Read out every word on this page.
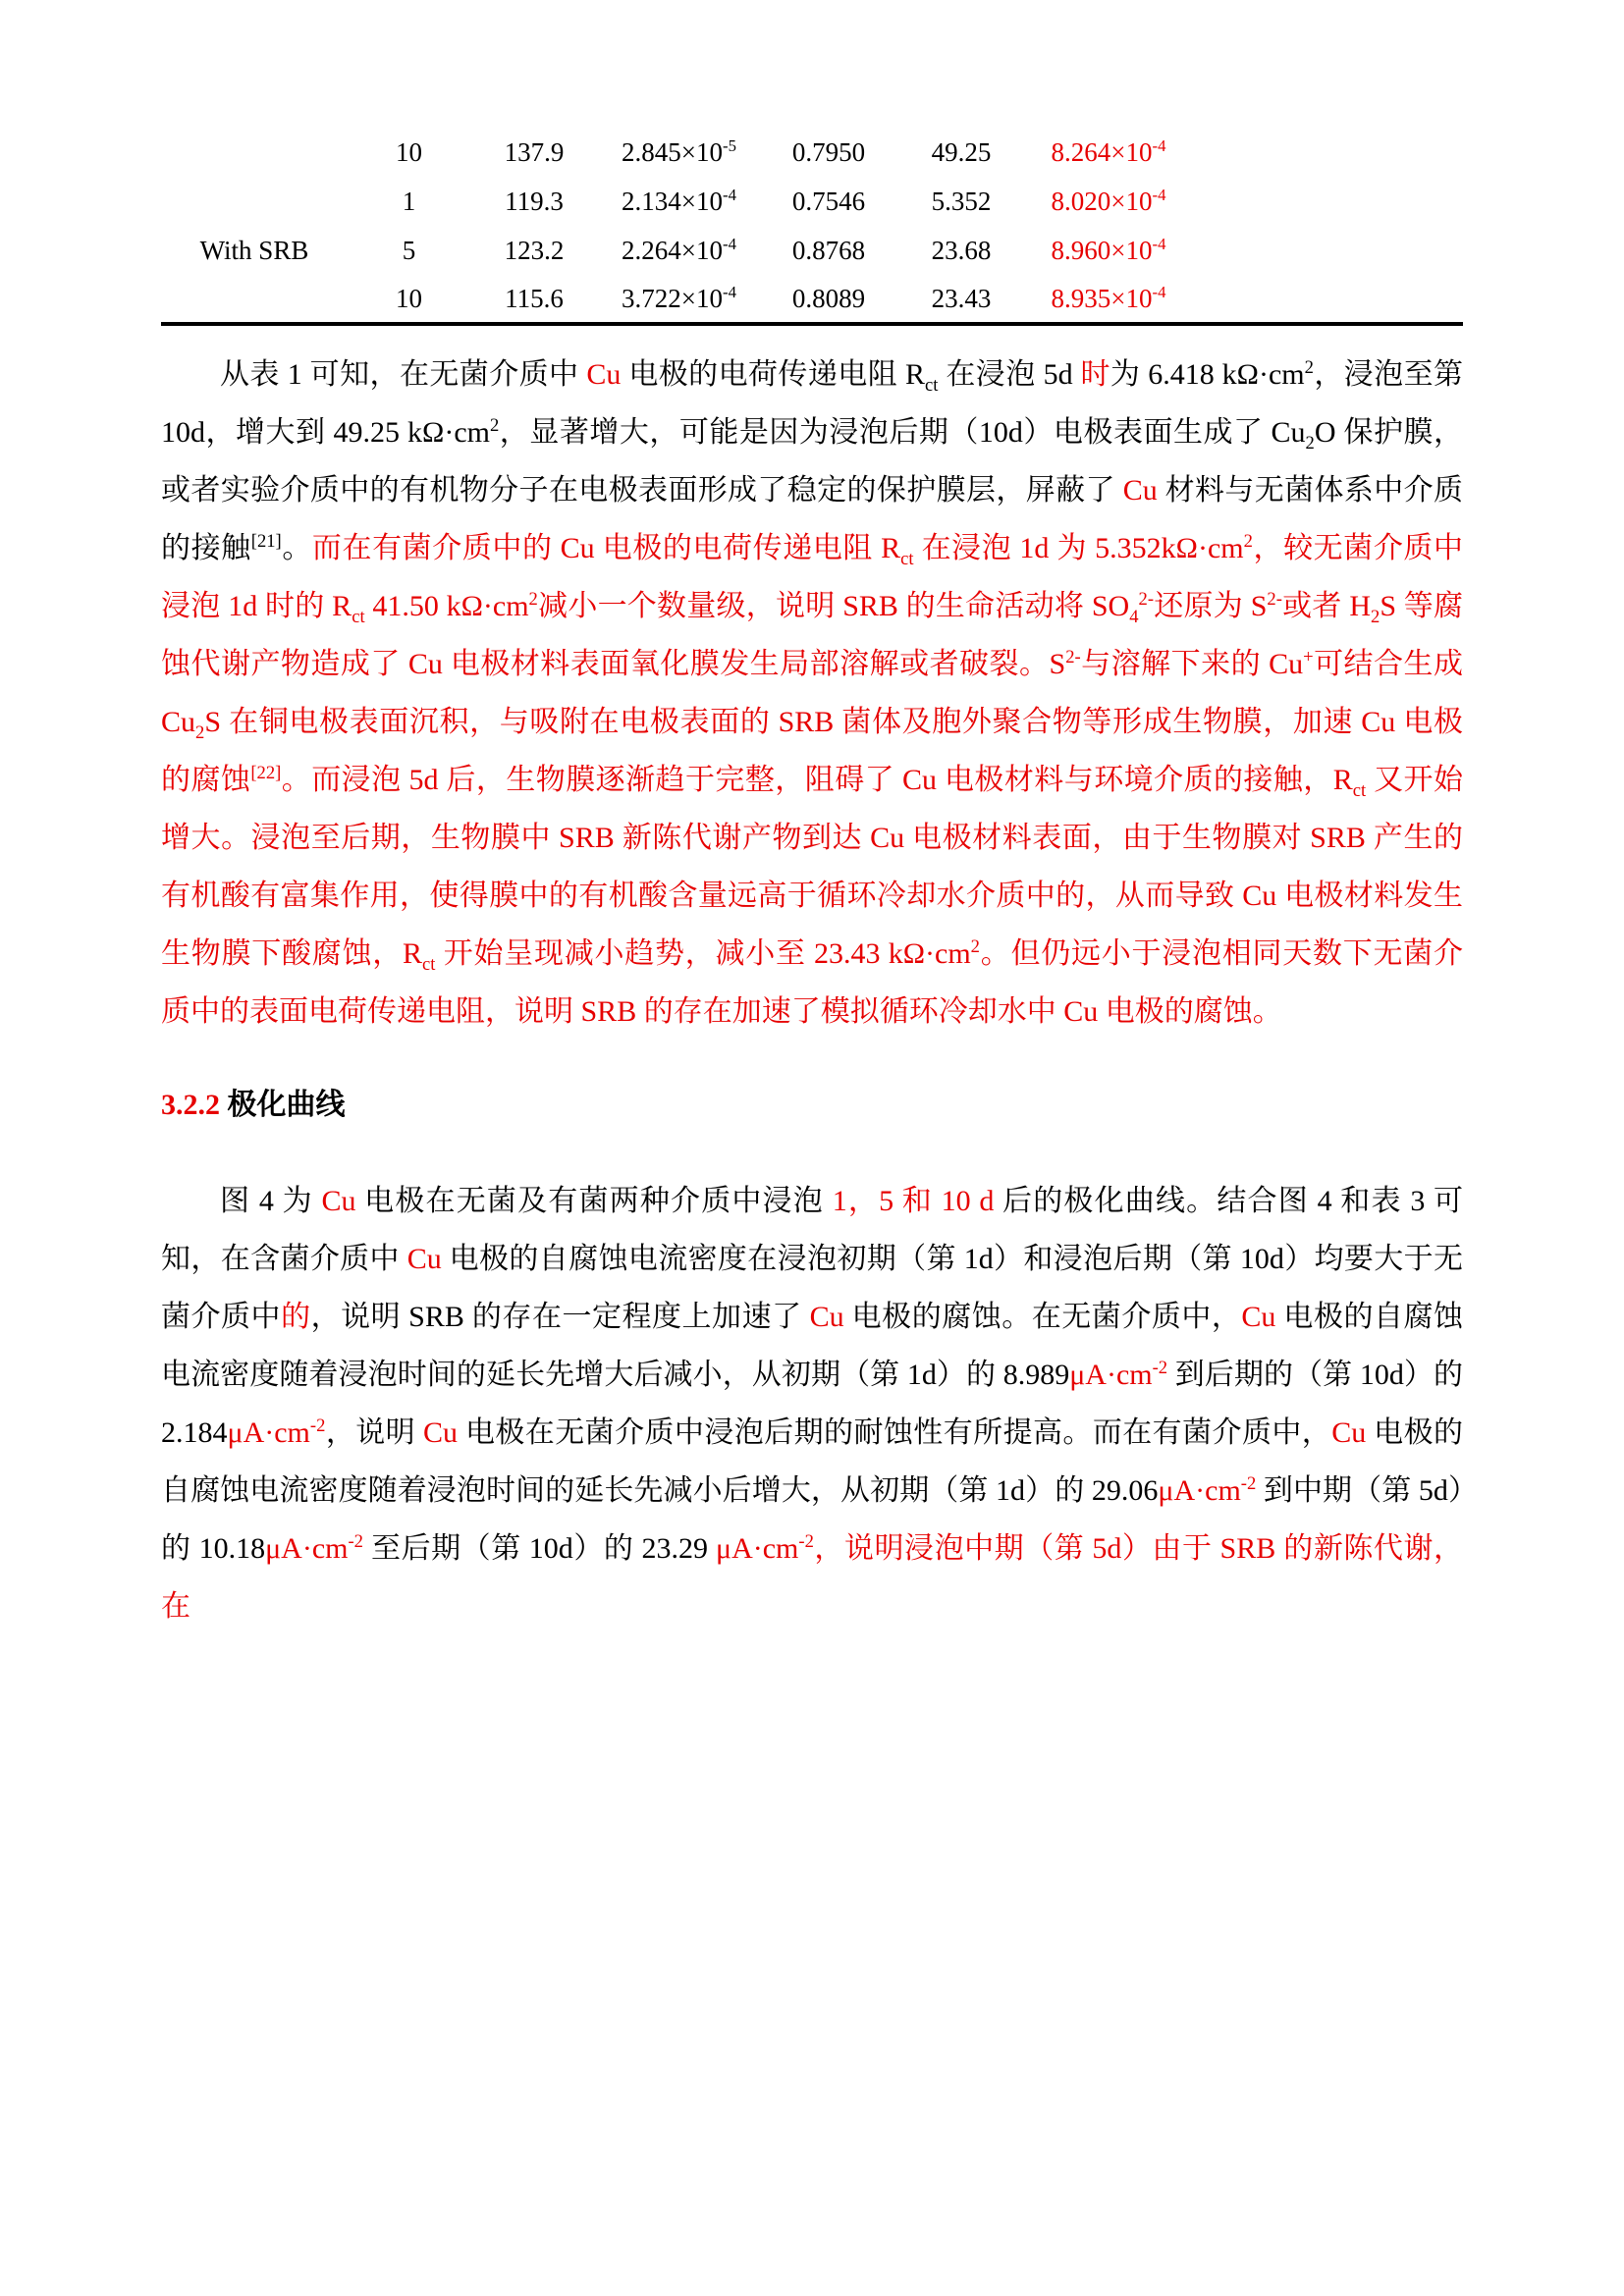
	10	137.9	$2.845\times 10^{-5}$	0.7950	49.25	$8.264\times 10^{-4}$	
	1	119.3	$2.134\times 10^{-4}$	0.7546	5.352	$8.020\times 10^{-4}$	
With SRB	5	123.2	$2.264\times 10^{-4}$	0.8768	23.68	$8.960\times 10^{-4}$	
	10	115.6	$3.722\times 10^{-4}$	0.8089	23.43	$8.935\times 10^{-4}$	

从表 1 可知，在无菌介质中 Cu 电极的电荷传递电阻 $R_{ct}$ 在浸泡 5d 时为 6.418 $k\Omega\cdot cm^2$，浸泡至第 10d，增大到 49.25 $k\Omega\cdot cm^2$，显著增大，可能是因为浸泡后期（10d）电极表面生成了 $Cu_2O$ 保护膜，或者实验介质中的有机物分子在电极表面形成了稳定的保护膜层，屏蔽了 Cu 材料与无菌体系中介质的接触[21]。而在有菌介质中的 Cu 电极的电荷传递电阻 $R_{ct}$ 在浸泡 1d 为 $5.352k\Omega\cdot cm^2$，较无菌介质中浸泡 1d 时的 $R_{ct}$ 41.50 $k\Omega\cdot cm^2$减小一个数量级，说明 SRB 的生命活动将 $SO_4^{2-}$还原为 $S^{2-}$或者 $H_2S$ 等腐蚀代谢产物造成了 Cu 电极材料表面氧化膜发生局部溶解或者破裂。$S^{2-}$与溶解下来的 Cu+可结合生成 $Cu_2S$ 在铜电极表面沉积，与吸附在电极表面的 SRB 菌体及胞外聚合物等形成生物膜，加速 Cu 电极的腐蚀[22]。而浸泡 5d 后，生物膜逐渐趋于完整，阻碍了 Cu 电极材料与环境介质的接触，$R_{ct}$ 又开始增大。浸泡至后期，生物膜中 SRB 新陈代谢产物到达 Cu 电极材料表面，由于生物膜对 SRB 产生的有机酸有富集作用，使得膜中的有机酸含量远高于循环冷却水介质中的，从而导致 Cu 电极材料发生生物膜下酸腐蚀，$R_{ct}$ 开始呈现减小趋势，减小至 23.43 $k\Omega\cdot cm^2$。但仍远小于浸泡相同天数下无菌介质中的表面电荷传递电阻，说明 SRB 的存在加速了模拟循环冷却水中 Cu 电极的腐蚀。

3.2.2 极化曲线

图 4 为 Cu 电极在无菌及有菌两种介质中浸泡 1，5 和 10 d 后的极化曲线。结合图 4 和表 3 可知，在含菌介质中 Cu 电极的自腐蚀电流密度在浸泡初期（第 1d）和浸泡后期（第 10d）均要大于无菌介质中的，说明 SRB 的存在一定程度上加速了 Cu 电极的腐蚀。在无菌介质中，Cu 电极的自腐蚀电流密度随着浸泡时间的延长先增大后减小，从初期（第 1d）的 $8.989\mu A\cdot cm^{-2}$ 到后期的（第 10d）的 $2.184\mu A\cdot cm^{-2}$，说明 Cu 电极在无菌介质中浸泡后期的耐蚀性有所提高。而在有菌介质中，Cu 电极的自腐蚀电流密度随着浸泡时间的延长先减小后增大，从初期（第 1d）的 $29.06\mu A\cdot cm^{-2}$ 到中期（第 5d）的 $10.18\mu A\cdot cm^{-2}$ 至后期（第 10d）的 23.29 $\mu A\cdot cm^{-2}$，说明浸泡中期（第 5d）由于 SRB 的新陈代谢，在
